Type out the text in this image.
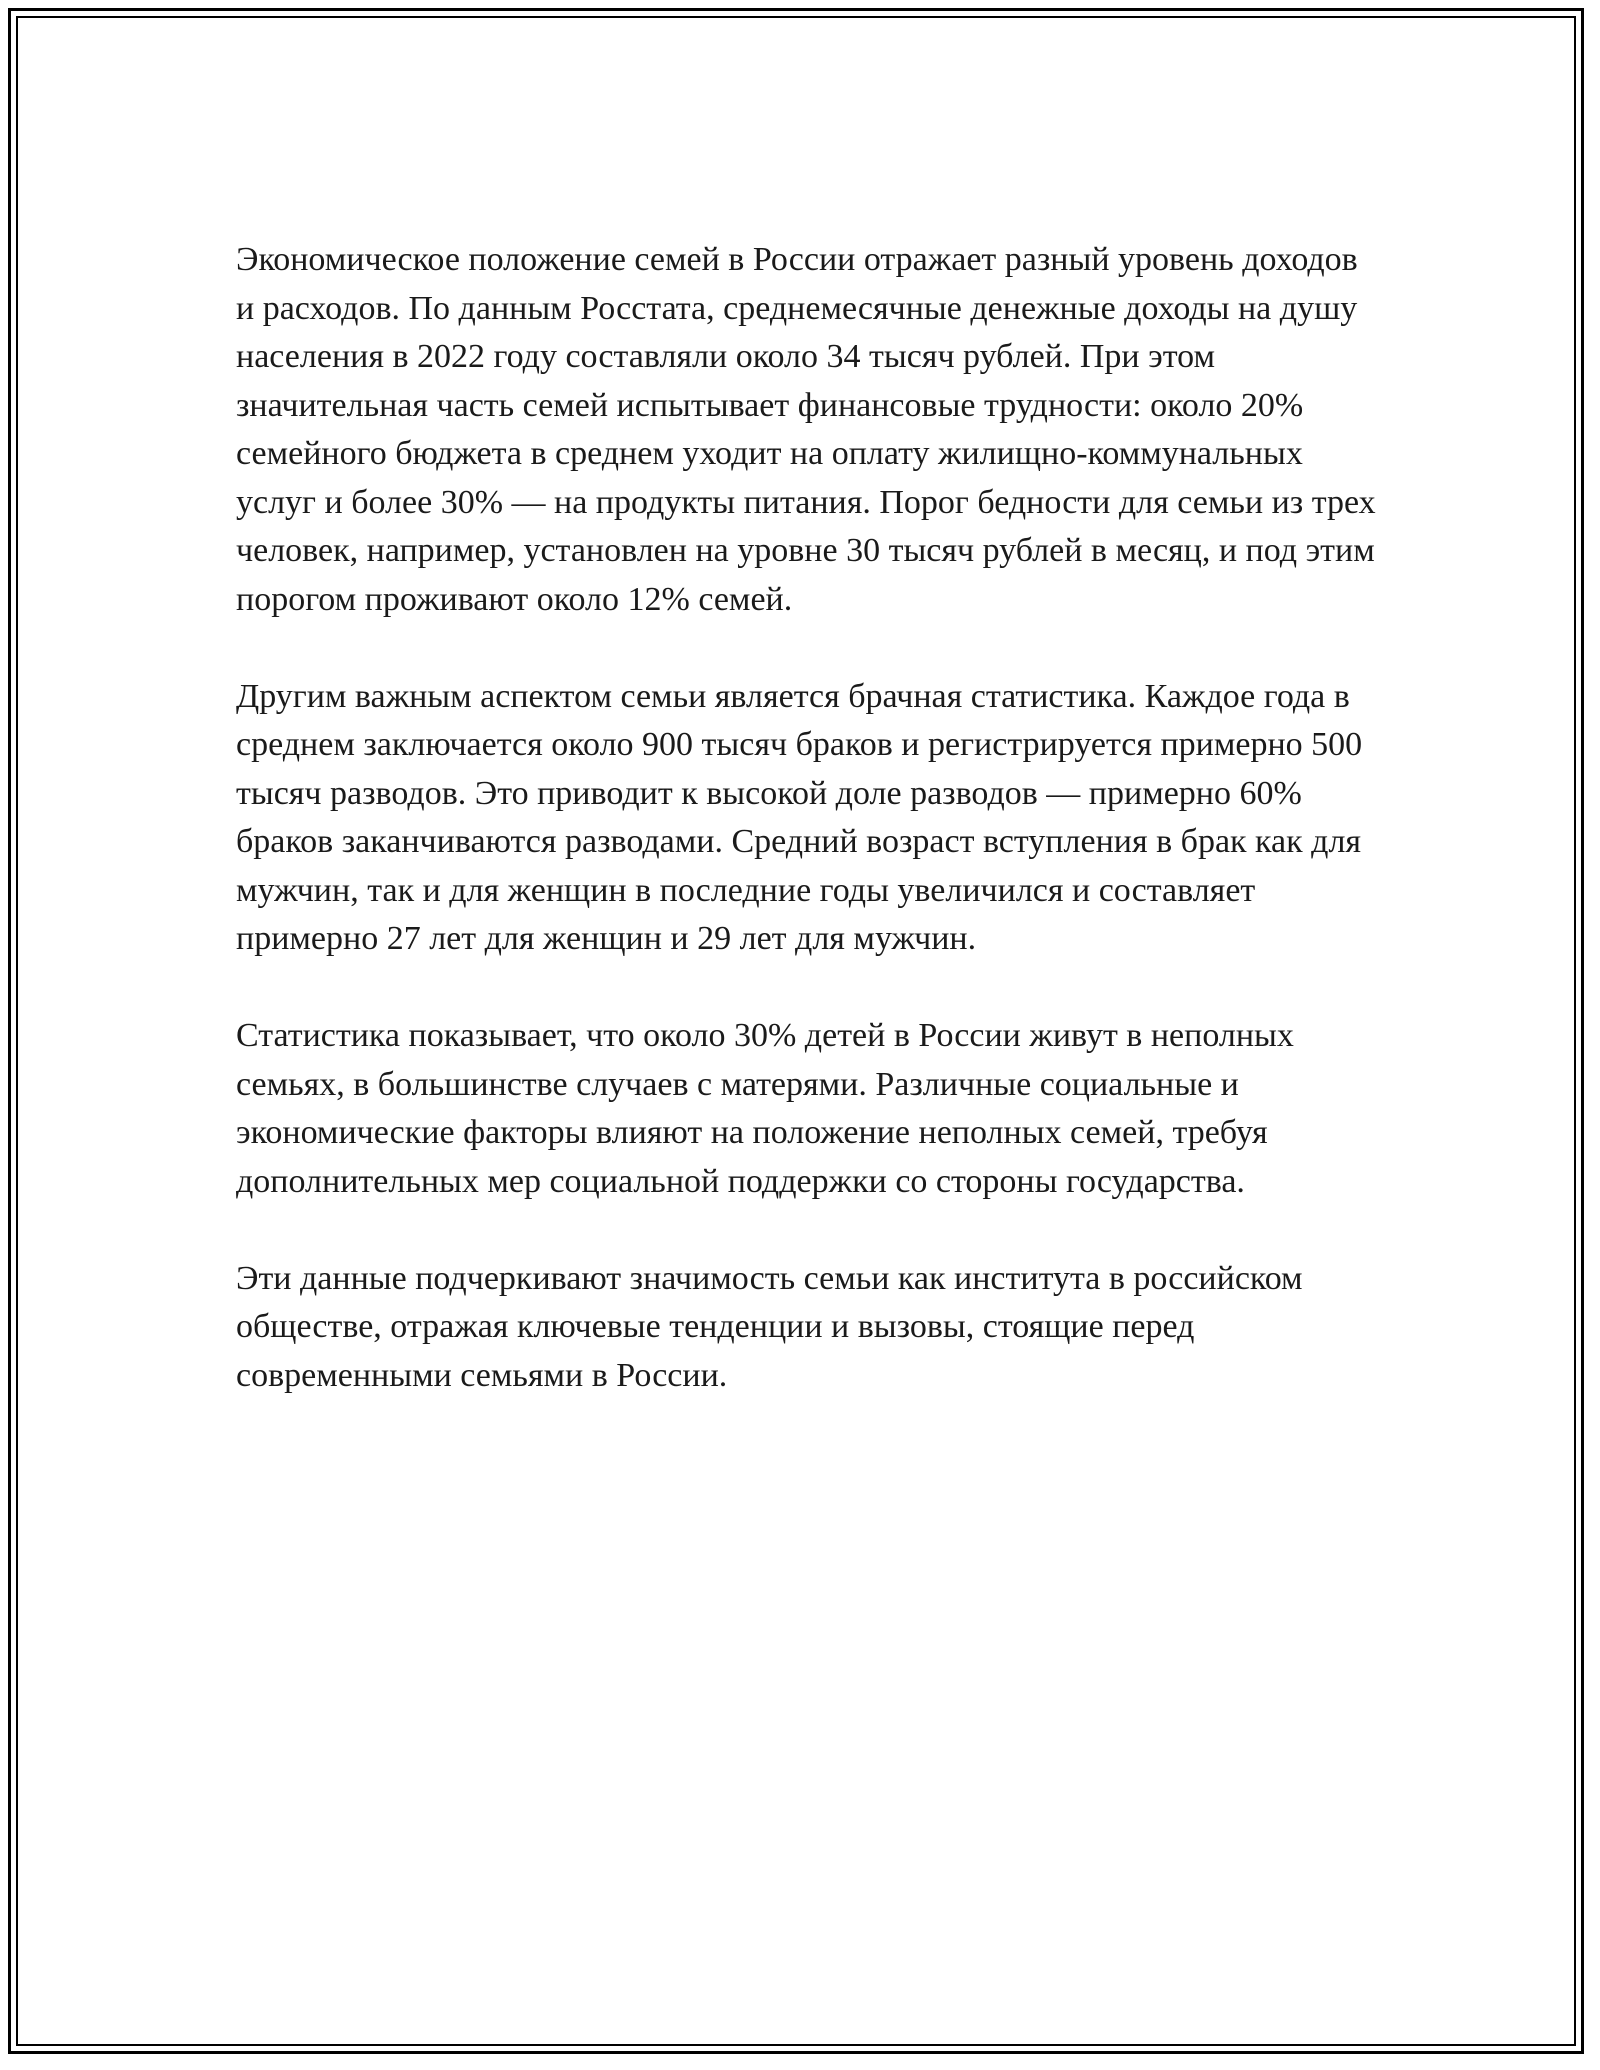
Экономическое положение семей в России отражает разный уровень доходов и расходов. По данным Росстата, среднемесячные денежные доходы на душу населения в 2022 году составляли около 34 тысяч рублей. При этом значительная часть семей испытывает финансовые трудности: около 20% семейного бюджета в среднем уходит на оплату жилищно-коммунальных услуг и более 30% — на продукты питания. Порог бедности для семьи из трех человек, например, установлен на уровне 30 тысяч рублей в месяц, и под этим порогом проживают около 12% семей.

Другим важным аспектом семьи является брачная статистика. Каждое года в среднем заключается около 900 тысяч браков и регистрируется примерно 500 тысяч разводов. Это приводит к высокой доле разводов — примерно 60% браков заканчиваются разводами. Средний возраст вступления в брак как для мужчин, так и для женщин в последние годы увеличился и составляет примерно 27 лет для женщин и 29 лет для мужчин.

Статистика показывает, что около 30% детей в России живут в неполных семьях, в большинстве случаев с матерями. Различные социальные и экономические факторы влияют на положение неполных семей, требуя дополнительных мер социальной поддержки со стороны государства.

Эти данные подчеркивают значимость семьи как института в российском обществе, отражая ключевые тенденции и вызовы, стоящие перед современными семьями в России.
